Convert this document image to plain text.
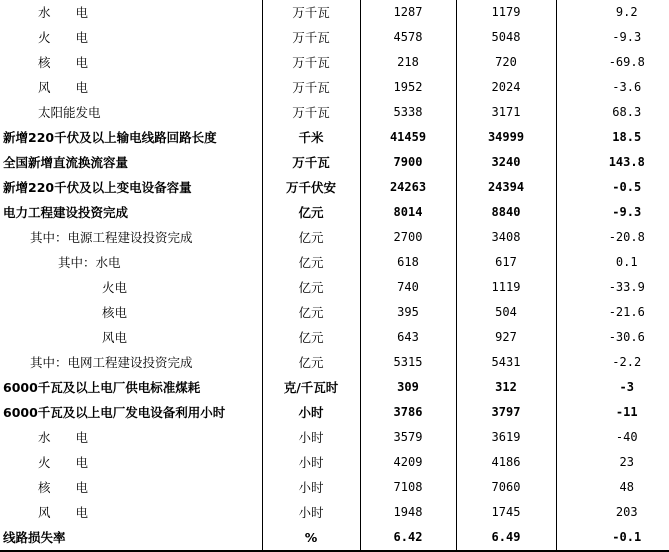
水　　电	万千瓦	1287	1179	9.2
火　　电	万千瓦	4578	5048	-9.3
核　　电	万千瓦	218	720	-69.8
风　　电	万千瓦	1952	2024	-3.6
太阳能发电	万千瓦	5338	3171	68.3
新增220千伏及以上输电线路回路长度	千米	41459	34999	18.5
全国新增直流换流容量	万千瓦	7900	3240	143.8
新增220千伏及以上变电设备容量	万千伏安	24263	24394	-0.5
电力工程建设投资完成	亿元	8014	8840	-9.3
其中：电源工程建设投资完成	亿元	2700	3408	-20.8
其中：水电	亿元	618	617	0.1
火电	亿元	740	1119	-33.9
核电	亿元	395	504	-21.6
风电	亿元	643	927	-30.6
其中：电网工程建设投资完成	亿元	5315	5431	-2.2
6000千瓦及以上电厂供电标准煤耗	克/千瓦时	309	312	-3
6000千瓦及以上电厂发电设备利用小时	小时	3786	3797	-11
水　　电	小时	3579	3619	-40
火　　电	小时	4209	4186	23
核　　电	小时	7108	7060	48
风　　电	小时	1948	1745	203
线路损失率	%	6.42	6.49	-0.1
